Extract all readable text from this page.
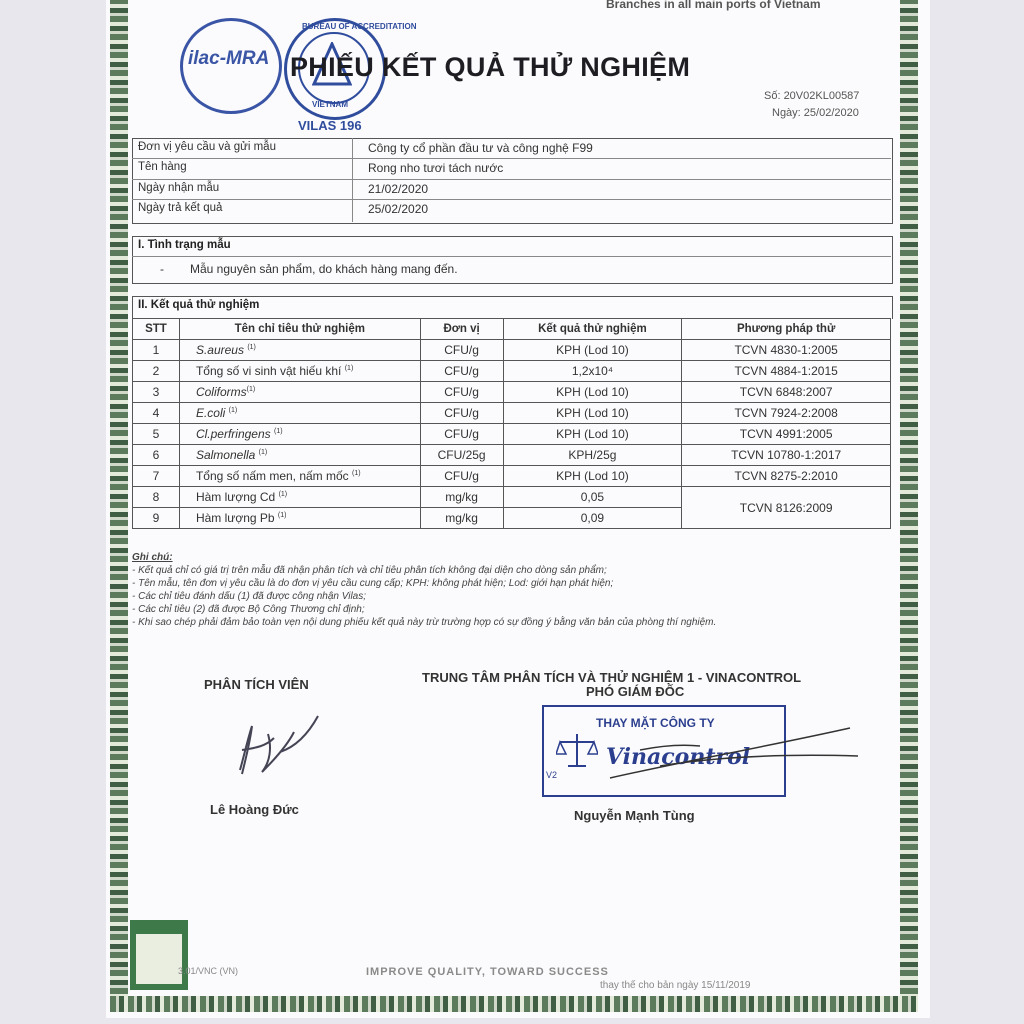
Branches in all main ports of Vietnam
ilac-MRA
BUREAU OF ACCREDITATION
VIETNAM
VILAS 196
PHIẾU KẾT QUẢ THỬ NGHIỆM
Số: 20V02KL00587
Ngày: 25/02/2020
Đơn vị yêu cầu và gửi mẫu	Công ty cổ phần đầu tư và công nghệ F99
Tên hàng	Rong nho tươi tách nước
Ngày nhận mẫu	21/02/2020
Ngày trả kết quả	25/02/2020
I. Tình trạng mẫu
- Mẫu nguyên sản phẩm, do khách hàng mang đến.
II. Kết quả thử nghiệm
STT	Tên chỉ tiêu thử nghiệm	Đơn vị	Kết quả thử nghiệm	Phương pháp thử
1	S.aureus $^{(1)}$	CFU/g	KPH (Lod 10)	TCVN 4830-1:2005
2	Tổng số vi sinh vật hiếu khí $^{(1)}$	CFU/g	1,2x10⁴	TCVN 4884-1:2015
3	Coliforms$^{(1)}$	CFU/g	KPH (Lod 10)	TCVN 6848:2007
4	E.coli $^{(1)}$	CFU/g	KPH (Lod 10)	TCVN 7924-2:2008
5	Cl.perfringens $^{(1)}$	CFU/g	KPH (Lod 10)	TCVN 4991:2005
6	Salmonella $^{(1)}$	CFU/25g	KPH/25g	TCVN 10780-1:2017
7	Tổng số nấm men, nấm mốc $^{(1)}$	CFU/g	KPH (Lod 10)	TCVN 8275-2:2010
8	Hàm lượng Cd $^{(1)}$	mg/kg	0,05	TCVN 8126:2009
9	Hàm lượng Pb $^{(1)}$	mg/kg	0,09	
Ghi chú:
- Kết quả chỉ có giá trị trên mẫu đã nhận phân tích và chỉ tiêu phân tích không đại diện cho dòng sản phẩm;
- Tên mẫu, tên đơn vị yêu cầu là do đơn vị yêu cầu cung cấp; KPH: không phát hiện; Lod: giới hạn phát hiện;
- Các chỉ tiêu đánh dấu (1) đã được công nhận Vilas;
- Các chỉ tiêu (2) đã được Bộ Công Thương chỉ định;
- Khi sao chép phải đảm bảo toàn vẹn nội dung phiếu kết quả này trừ trường hợp có sự đồng ý bằng văn bản của phòng thí nghiệm.
PHÂN TÍCH VIÊN	TRUNG TÂM PHÂN TÍCH VÀ THỬ NGHIỆM 1 - VINACONTROL
PHÓ GIÁM ĐỐC
THAY MẶT CÔNG TY
Vinacontrol
V2
Lê Hoàng Đức	Nguyễn Mạnh Tùng
3.01/VNC (VN)	IMPROVE QUALITY, TOWARD SUCCESS
thay thế cho bản ngày 15/11/2019
